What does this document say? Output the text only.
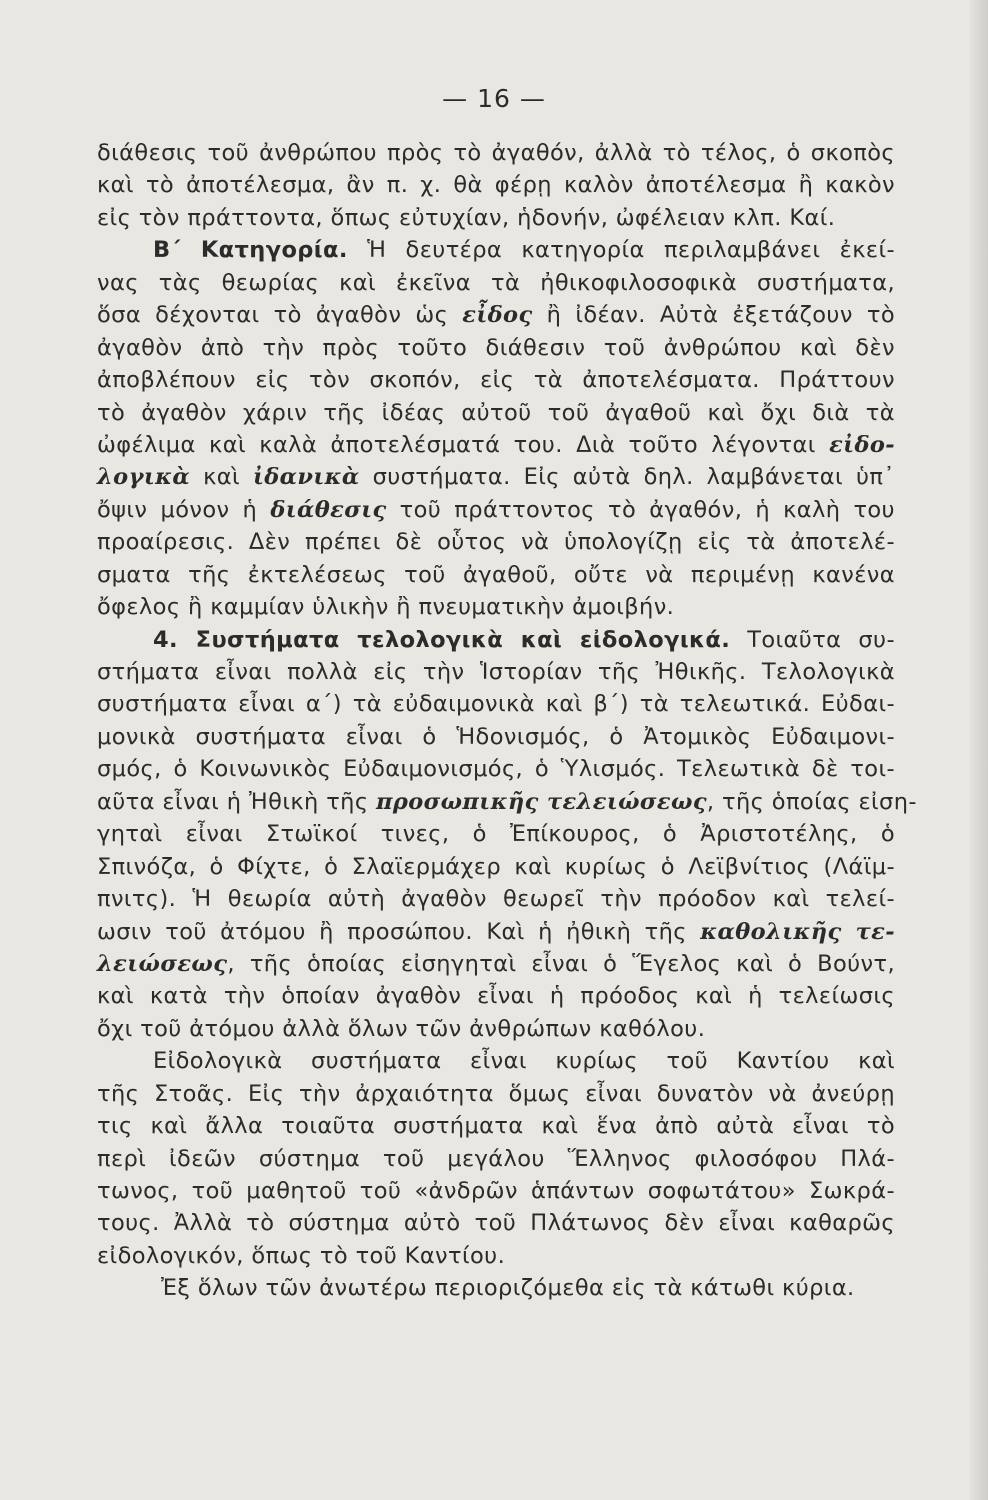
— 16 —
διάθεσις τοῦ ἀνθρώπου πρὸς τὸ ἀγαθόν, ἀλλὰ τὸ τέλος, ὁ σκοπὸς
καὶ τὸ ἀποτέλεσμα, ἂν π. χ. θὰ φέρῃ καλὸν ἀποτέλεσμα ἢ κακὸν
εἰς τὸν πράττοντα, ὅπως εὐτυχίαν, ἡδονήν, ὠφέλειαν κλπ. Καί.
Β΄ Κατηγορία. Ἡ δευτέρα κατηγορία περιλαμβάνει ἐκεί-
νας τὰς θεωρίας καὶ ἐκεῖνα τὰ ἠθικοφιλοσοφικὰ συστήματα,
ὅσα δέχονται τὸ ἀγαθὸν ὡς εἶδος ἢ ἰδέαν. Αὐτὰ ἐξετάζουν τὸ
ἀγαθὸν ἀπὸ τὴν πρὸς τοῦτο διάθεσιν τοῦ ἀνθρώπου καὶ δὲν
ἀποβλέπουν εἰς τὸν σκοπόν, εἰς τὰ ἀποτελέσματα. Πράττουν
τὸ ἀγαθὸν χάριν τῆς ἰδέας αὐτοῦ τοῦ ἀγαθοῦ καὶ ὄχι διὰ τὰ
ὠφέλιμα καὶ καλὰ ἀποτελέσματά του. Διὰ τοῦτο λέγονται εἰδο-
λογικὰ καὶ ἰδανικὰ συστήματα. Εἰς αὐτὰ δηλ. λαμβάνεται ὑπ᾽
ὄψιν μόνον ἡ διάθεσις τοῦ πράττοντος τὸ ἀγαθόν, ἡ καλὴ του
προαίρεσις. Δὲν πρέπει δὲ οὗτος νὰ ὑπολογίζῃ εἰς τὰ ἀποτελέ-
σματα τῆς ἐκτελέσεως τοῦ ἀγαθοῦ, οὔτε νὰ περιμένῃ κανένα
ὄφελος ἢ καμμίαν ὑλικὴν ἢ πνευματικὴν ἀμοιβήν.
4. Συστήματα τελολογικὰ καὶ εἰδολογικά. Τοιαῦτα συ-
στήματα εἶναι πολλὰ εἰς τὴν Ἱστορίαν τῆς Ἠθικῆς. Τελολογικὰ
συστήματα εἶναι α΄) τὰ εὐδαιμονικὰ καὶ β΄) τὰ τελεωτικά. Εὐδαι-
μονικὰ συστήματα εἶναι ὁ Ἡδονισμός, ὁ Ἀτομικὸς Εὐδαιμονι-
σμός, ὁ Κοινωνικὸς Εὐδαιμονισμός, ὁ Ὑλισμός. Τελεωτικὰ δὲ τοι-
αῦτα εἶναι ἡ Ἠθικὴ τῆς προσωπικῆς τελειώσεως, τῆς ὁποίας εἰση-
γηταὶ εἶναι Στωϊκοί τινες, ὁ Ἐπίκουρος, ὁ Ἀριστοτέλης, ὁ
Σπινόζα, ὁ Φίχτε, ὁ Σλαϊερμάχερ καὶ κυρίως ὁ Λεϊβνίτιος (Λάϊμ-
πνιτς). Ἡ θεωρία αὐτὴ ἀγαθὸν θεωρεῖ τὴν πρόοδον καὶ τελεί-
ωσιν τοῦ ἀτόμου ἢ προσώπου. Καὶ ἡ ἠθικὴ τῆς καθολικῆς τε-
λειώσεως, τῆς ὁποίας εἰσηγηταὶ εἶναι ὁ Ἕγελος καὶ ὁ Βούντ,
καὶ κατὰ τὴν ὁποίαν ἀγαθὸν εἶναι ἡ πρόοδος καὶ ἡ τελείωσις
ὄχι τοῦ ἀτόμου ἀλλὰ ὅλων τῶν ἀνθρώπων καθόλου.
Εἰδολογικὰ συστήματα εἶναι κυρίως τοῦ Καντίου καὶ
τῆς Στοᾶς. Εἰς τὴν ἀρχαιότητα ὅμως εἶναι δυνατὸν νὰ ἀνεύρῃ
τις καὶ ἄλλα τοιαῦτα συστήματα καὶ ἕνα ἀπὸ αὐτὰ εἶναι τὸ
περὶ ἰδεῶν σύστημα τοῦ μεγάλου Ἕλληνος φιλοσόφου Πλά-
τωνος, τοῦ μαθητοῦ τοῦ «ἀνδρῶν ἁπάντων σοφωτάτου» Σωκρά-
τους. Ἀλλὰ τὸ σύστημα αὐτὸ τοῦ Πλάτωνος δὲν εἶναι καθαρῶς
εἰδολογικόν, ὅπως τὸ τοῦ Καντίου.
Ἐξ ὅλων τῶν ἀνωτέρω περιοριζόμεθα εἰς τὰ κάτωθι κύρια.
